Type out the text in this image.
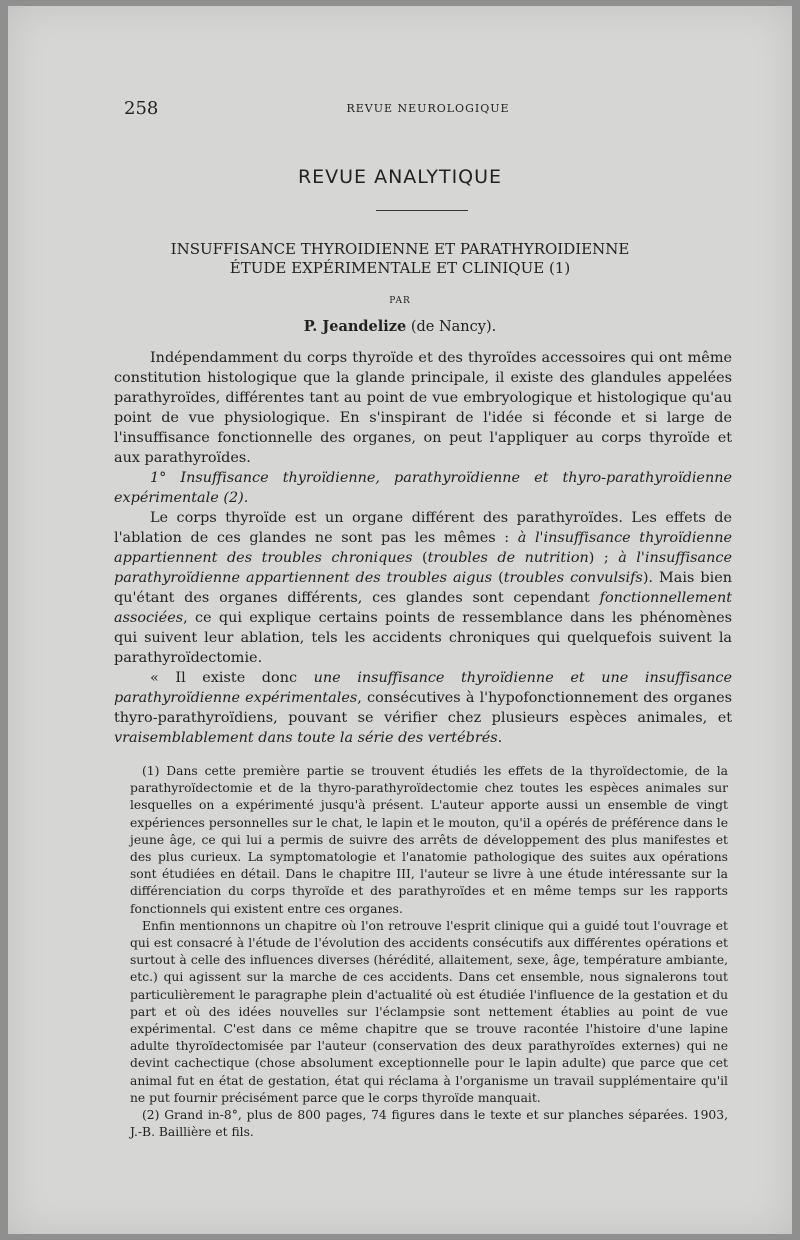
258	REVUE NEUROLOGIQUE
REVUE ANALYTIQUE
INSUFFISANCE THYROIDIENNE ET PARATHYROIDIENNE
ÉTUDE EXPÉRIMENTALE ET CLINIQUE (1)
PAR
P. Jeandelize (de Nancy).

Indépendamment du corps thyroïde et des thyroïdes accessoires qui ont même constitution histologique que la glande principale, il existe des glandules appelées parathyroïdes, différentes tant au point de vue embryologique et histologique qu'au point de vue physiologique. En s'inspirant de l'idée si féconde et si large de l'insuffisance fonctionnelle des organes, on peut l'appliquer au corps thyroïde et aux parathyroïdes.

1° Insuffisance thyroïdienne, parathyroïdienne et thyro-parathyroïdienne expérimentale (2).

Le corps thyroïde est un organe différent des parathyroïdes. Les effets de l'ablation de ces glandes ne sont pas les mêmes : à l'insuffisance thyroïdienne appartiennent des troubles chroniques (troubles de nutrition) ; à l'insuffisance parathyroïdienne appartiennent des troubles aigus (troubles convulsifs). Mais bien qu'étant des organes différents, ces glandes sont cependant fonctionnellement associées, ce qui explique certains points de ressemblance dans les phénomènes qui suivent leur ablation, tels les accidents chroniques qui quelquefois suivent la parathyroïdectomie.

« Il existe donc une insuffisance thyroïdienne et une insuffisance parathyroïdienne expérimentales, consécutives à l'hypofonctionnement des organes thyro-parathyroïdiens, pouvant se vérifier chez plusieurs espèces animales, et vraisemblablement dans toute la série des vertébrés.

(1) Dans cette première partie se trouvent étudiés les effets de la thyroïdectomie, de la parathyroïdectomie et de la thyro-parathyroïdectomie chez toutes les espèces animales sur lesquelles on a expérimenté jusqu'à présent. L'auteur apporte aussi un ensemble de vingt expériences personnelles sur le chat, le lapin et le mouton, qu'il a opérés de préférence dans le jeune âge, ce qui lui a permis de suivre des arrêts de développement des plus manifestes et des plus curieux. La symptomatologie et l'anatomie pathologique des suites aux opérations sont étudiées en détail. Dans le chapitre III, l'auteur se livre à une étude intéressante sur la différenciation du corps thyroïde et des parathyroïdes et en même temps sur les rapports fonctionnels qui existent entre ces organes.

Enfin mentionnons un chapitre où l'on retrouve l'esprit clinique qui a guidé tout l'ouvrage et qui est consacré à l'étude de l'évolution des accidents consécutifs aux différentes opérations et surtout à celle des influences diverses (hérédité, allaitement, sexe, âge, température ambiante, etc.) qui agissent sur la marche de ces accidents. Dans cet ensemble, nous signalerons tout particulièrement le paragraphe plein d'actualité où est étudiée l'influence de la gestation et du part et où des idées nouvelles sur l'éclampsie sont nettement établies au point de vue expérimental. C'est dans ce même chapitre que se trouve racontée l'histoire d'une lapine adulte thyroïdectomisée par l'auteur (conservation des deux parathyroïdes externes) qui ne devint cachectique (chose absolument exceptionnelle pour le lapin adulte) que parce que cet animal fut en état de gestation, état qui réclama à l'organisme un travail supplémentaire qu'il ne put fournir précisément parce que le corps thyroïde manquait.

(2) Grand in-8°, plus de 800 pages, 74 figures dans le texte et sur planches séparées. 1903, J.-B. Baillière et fils.
